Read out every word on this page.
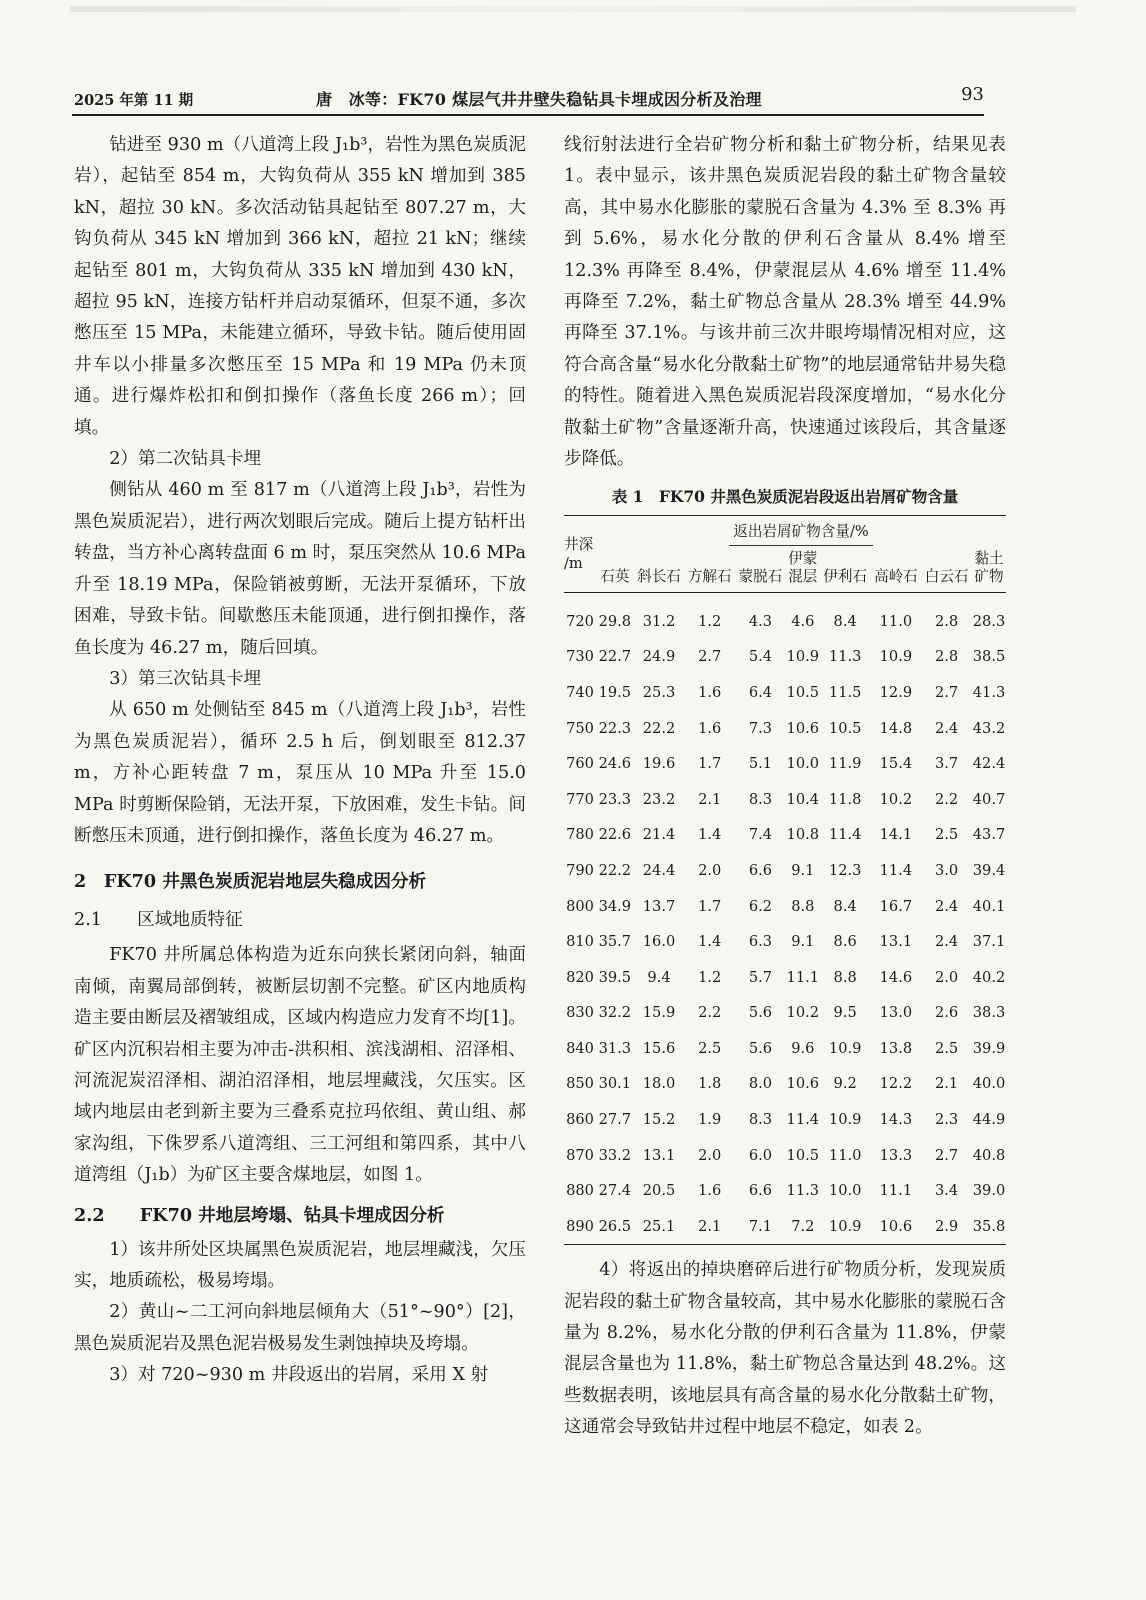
2025 年第 11 期	唐　冰等：FK70 煤层气井井壁失稳钻具卡埋成因分析及治理	93

钻进至 930 m（八道湾上段 J₁b³，岩性为黑色炭质泥岩），起钻至 854 m，大钩负荷从 355 kN 增加到 385 kN，超拉 30 kN。多次活动钻具起钻至 807.27 m，大钩负荷从 345 kN 增加到 366 kN，超拉 21 kN；继续起钻至 801 m，大钩负荷从 335 kN 增加到 430 kN，超拉 95 kN，连接方钻杆并启动泵循环，但泵不通，多次憋压至 15 MPa，未能建立循环，导致卡钻。随后使用固井车以小排量多次憋压至 15 MPa 和 19 MPa 仍未顶通。进行爆炸松扣和倒扣操作（落鱼长度 266 m）；回填。

2）第二次钻具卡埋

侧钻从 460 m 至 817 m（八道湾上段 J₁b³，岩性为黑色炭质泥岩），进行两次划眼后完成。随后上提方钻杆出转盘，当方补心离转盘面 6 m 时，泵压突然从 10.6 MPa 升至 18.19 MPa，保险销被剪断，无法开泵循环，下放困难，导致卡钻。间歇憋压未能顶通，进行倒扣操作，落鱼长度为 46.27 m，随后回填。

3）第三次钻具卡埋

从 650 m 处侧钻至 845 m（八道湾上段 J₁b³，岩性为黑色炭质泥岩），循环 2.5 h 后，倒划眼至 812.37 m，方补心距转盘 7 m，泵压从 10 MPa 升至 15.0 MPa 时剪断保险销，无法开泵，下放困难，发生卡钻。间断憋压未顶通，进行倒扣操作，落鱼长度为 46.27 m。

2　FK70 井黑色炭质泥岩地层失稳成因分析
2.1　　区域地质特征

FK70 井所属总体构造为近东向狭长紧闭向斜，轴面南倾，南翼局部倒转，被断层切割不完整。矿区内地质构造主要由断层及褶皱组成，区域内构造应力发育不均[1]。矿区内沉积岩相主要为冲击-洪积相、滨浅湖相、沼泽相、河流泥炭沼泽相、湖泊沼泽相，地层埋藏浅，欠压实。区域内地层由老到新主要为三叠系克拉玛依组、黄山组、郝家沟组，下侏罗系八道湾组、三工河组和第四系，其中八道湾组（J₁b）为矿区主要含煤地层，如图 1。

2.2　　FK70 井地层垮塌、钻具卡埋成因分析

1）该井所处区块属黑色炭质泥岩，地层埋藏浅，欠压实，地质疏松，极易垮塌。

2）黄山~二工河向斜地层倾角大（51°~90°）[2]，黑色炭质泥岩及黑色泥岩极易发生剥蚀掉块及垮塌。

3）对 720~930 m 井段返出的岩屑，采用 X 射

线衍射法进行全岩矿物分析和黏土矿物分析，结果见表 1。表中显示，该井黑色炭质泥岩段的黏土矿物含量较高，其中易水化膨胀的蒙脱石含量为 4.3% 至 8.3% 再到 5.6%，易水化分散的伊利石含量从 8.4% 增至 12.3% 再降至 8.4%，伊蒙混层从 4.6% 增至 11.4% 再降至 7.2%，黏土矿物总含量从 28.3% 增至 44.9% 再降至 37.1%。与该井前三次井眼垮塌情况相对应，这符合高含量“易水化分散黏土矿物”的地层通常钻井易失稳的特性。随着进入黑色炭质泥岩段深度增加，“易水化分散黏土矿物”含量逐渐升高，快速通过该段后，其含量逐步降低。

表 1　FK70 井黑色炭质泥岩段返出岩屑矿物含量
井深
/m	返出岩屑矿物含量/%								
	石英	斜长石	方解石	蒙脱石	伊蒙混层	伊利石	高岭石	白云石	黏土矿物

720	29.8	31.2	1.2	4.3	4.6	8.4	11.0	2.8	28.3
730	22.7	24.9	2.7	5.4	10.9	11.3	10.9	2.8	38.5
740	19.5	25.3	1.6	6.4	10.5	11.5	12.9	2.7	41.3
750	22.3	22.2	1.6	7.3	10.6	10.5	14.8	2.4	43.2
760	24.6	19.6	1.7	5.1	10.0	11.9	15.4	3.7	42.4
770	23.3	23.2	2.1	8.3	10.4	11.8	10.2	2.2	40.7
780	22.6	21.4	1.4	7.4	10.8	11.4	14.1	2.5	43.7
790	22.2	24.4	2.0	6.6	9.1	12.3	11.4	3.0	39.4
800	34.9	13.7	1.7	6.2	8.8	8.4	16.7	2.4	40.1
810	35.7	16.0	1.4	6.3	9.1	8.6	13.1	2.4	37.1
820	39.5	9.4	1.2	5.7	11.1	8.8	14.6	2.0	40.2
830	32.2	15.9	2.2	5.6	10.2	9.5	13.0	2.6	38.3
840	31.3	15.6	2.5	5.6	9.6	10.9	13.8	2.5	39.9
850	30.1	18.0	1.8	8.0	10.6	9.2	12.2	2.1	40.0
860	27.7	15.2	1.9	8.3	11.4	10.9	14.3	2.3	44.9
870	33.2	13.1	2.0	6.0	10.5	11.0	13.3	2.7	40.8
880	27.4	20.5	1.6	6.6	11.3	10.0	11.1	3.4	39.0
890	26.5	25.1	2.1	7.1	7.2	10.9	10.6	2.9	35.8

4）将返出的掉块磨碎后进行矿物质分析，发现炭质泥岩段的黏土矿物含量较高，其中易水化膨胀的蒙脱石含量为 8.2%，易水化分散的伊利石含量为 11.8%，伊蒙混层含量也为 11.8%，黏土矿物总含量达到 48.2%。这些数据表明，该地层具有高含量的易水化分散黏土矿物，这通常会导致钻井过程中地层不稳定，如表 2。
